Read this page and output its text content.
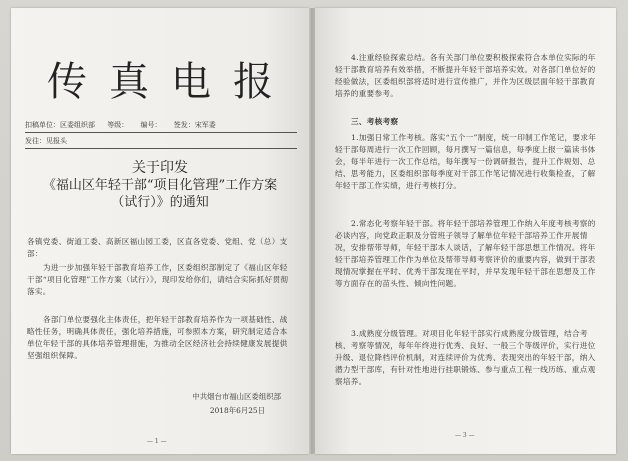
传真电报
扣稿单位：区委组织部 等级： 编号： 签发：宋军委
发往：见报头
关于印发
《福山区年轻干部“项目化管理”工作方案
（试行）》的通知
各镇党委、街道工委、高新区福山园工委，区直各党委、党组、党（总）支部：
为进一步加强年轻干部教育培养工作，区委组织部制定了《福山区年轻干部“项目化管理”工作方案（试行）》，现印发给你们，请结合实际抓好贯彻落实。
各部门单位要强化主体责任，把年轻干部教育培养作为一项基础性、战略性任务，明确具体责任，强化培养措施，可参照本方案，研究制定适合本单位年轻干部的具体培养管理措施，为推动全区经济社会持续健康发展提供坚强组织保障。
中共烟台市福山区委组织部
2018年6月25日
— 1 —
4.注重经验探索总结。各有关部门单位要积极探索符合本单位实际的年轻干部教育培养有效举措，不断提升年轻干部培养实效。对各部门单位好的经验做法，区委组织部将适时进行宣传推广，并作为区级层面年轻干部教育培养的重要参考。
三、考核考察
1.加强日常工作考核。落实“五个一”制度，统一印制工作笔记，要求年轻干部每周进行一次工作回顾，每月撰写一篇信息，每季度上报一篇读书体会，每半年进行一次工作总结，每年撰写一份调研报告，提升工作规划、总结、思考能力，区委组织部每季度对干部工作笔记情况进行收集检查，了解年轻干部工作实绩，进行考核打分。
2.常态化考察年轻干部。将年轻干部培养管理工作纳入年度考核考察的必谈内容，向党政正职及分管班子领导了解单位年轻干部培养工作开展情况，安排帮带导师，年轻干部本人谈话，了解年轻干部思想工作情况。将年轻干部培养管理工作作为单位及帮带导师考察评价的重要内容，做到干部表现情况掌握在平时、优秀干部发现在平时，并早发现年轻干部在思想及工作等方面存在的苗头性、倾向性问题。
3.成熟度分级管理。对项目化年轻干部实行成熟度分级管理，结合考核、考察等情况，每年年终进行优秀、良好、一般三个等级评价，实行进位升级、退位降档评价机制，对连续评价为优秀、表现突出的年轻干部，纳入潜力型干部库，有针对性地进行挂职锻炼、参与重点工程一线历练、重点观察培养。
— 3 —
